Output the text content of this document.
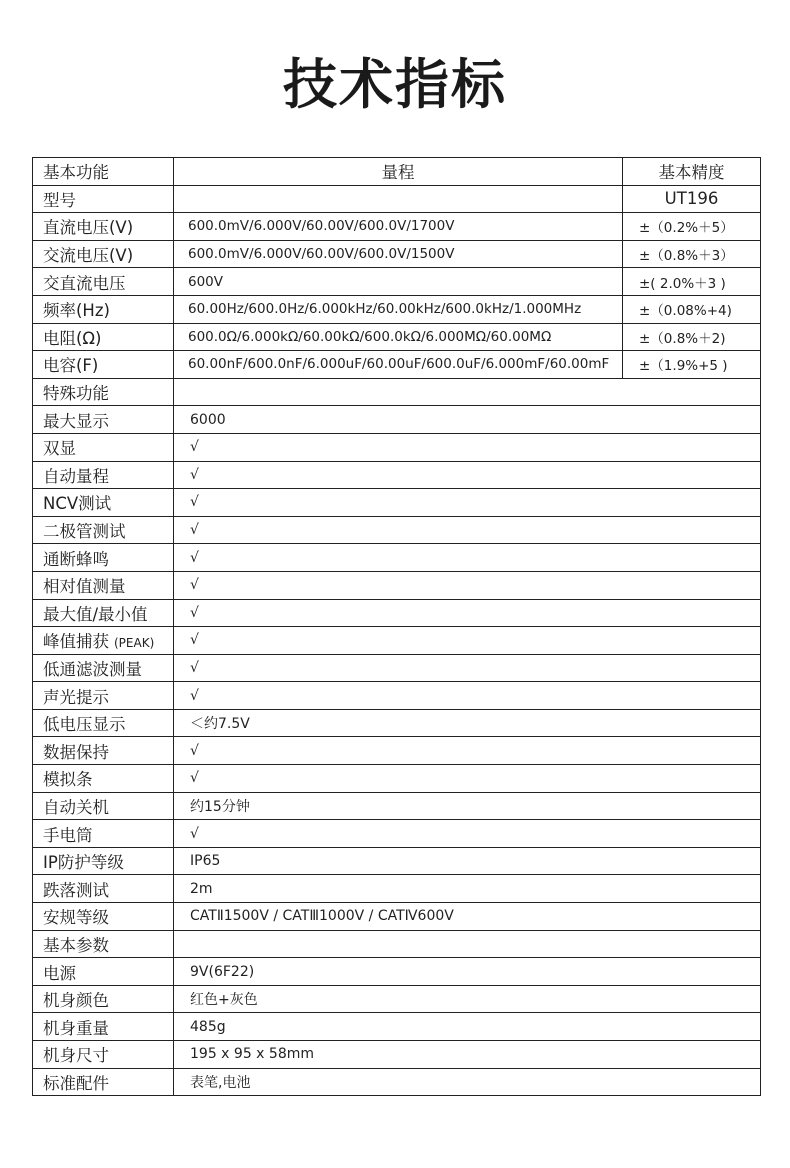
技术指标
基本功能	量程	基本精度
型号		UT196
直流电压(V)	600.0mV/6.000V/60.00V/600.0V/1700V	±（0.2%＋5）
交流电压(V)	600.0mV/6.000V/60.00V/600.0V/1500V	±（0.8%＋3）
交直流电压	600V	±( 2.0%＋3 )
频率(Hz)	60.00Hz/600.0Hz/6.000kHz/60.00kHz/600.0kHz/1.000MHz	±（0.08%+4)
电阻(Ω)	600.0Ω/6.000kΩ/60.00kΩ/600.0kΩ/6.000MΩ/60.00MΩ	±（0.8%＋2)
电容(F)	60.00nF/600.0nF/6.000uF/60.00uF/600.0uF/6.000mF/60.00mF	±（1.9%+5 )
特殊功能		
最大显示	6000	
双显	√	
自动量程	√	
NCV测试	√	
二极管测试	√	
通断蜂鸣	√	
相对值测量	√	
最大值/最小值	√	
峰值捕获 (PEAK)	√	
低通滤波测量	√	
声光提示	√	
低电压显示	＜约7.5V	
数据保持	√	
模拟条	√	
自动关机	约15分钟	
手电筒	√	
IP防护等级	IP65	
跌落测试	2m	
安规等级	CATⅡ1500V / CATⅢ1000V / CATⅣ600V	
基本参数		
电源	9V(6F22)	
机身颜色	红色+灰色	
机身重量	485g	
机身尺寸	195 x 95 x 58mm	
标准配件	表笔,电池	
